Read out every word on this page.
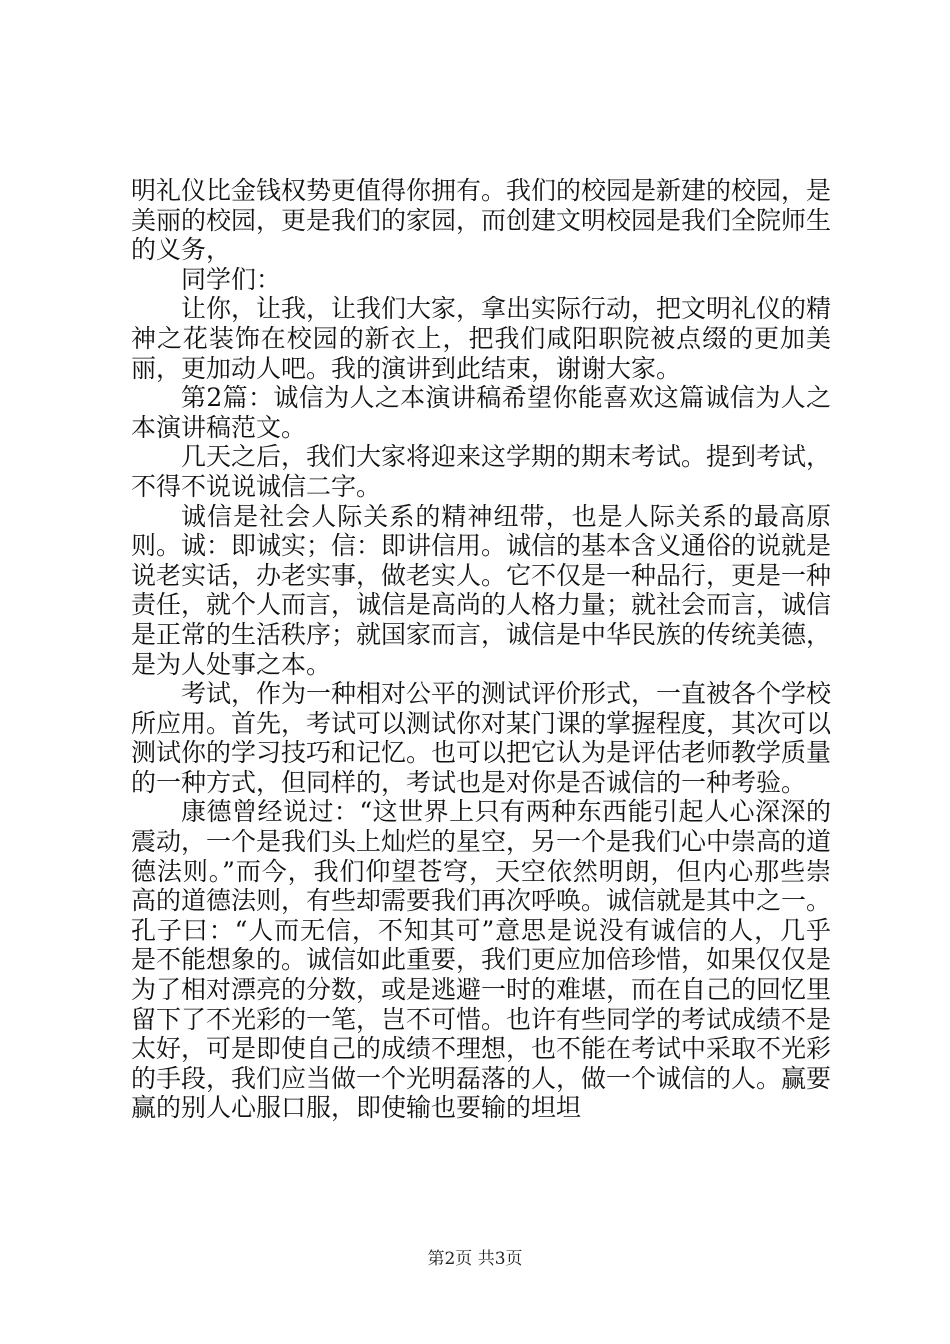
明礼仪比金钱权势更值得你拥有。我们的校园是新建的校园，是美丽的校园，更是我们的家园，而创建文明校园是我们全院师生的义务，

同学们：

让你，让我，让我们大家，拿出实际行动，把文明礼仪的精神之花装饰在校园的新衣上，把我们咸阳职院被点缀的更加美丽，更加动人吧。我的演讲到此结束，谢谢大家。

第2篇：诚信为人之本演讲稿希望你能喜欢这篇诚信为人之本演讲稿范文。

几天之后，我们大家将迎来这学期的期末考试。提到考试，不得不说说诚信二字。

诚信是社会人际关系的精神纽带，也是人际关系的最高原则。诚：即诚实；信：即讲信用。诚信的基本含义通俗的说就是说老实话，办老实事，做老实人。它不仅是一种品行，更是一种责任，就个人而言，诚信是高尚的人格力量；就社会而言，诚信是正常的生活秩序；就国家而言，诚信是中华民族的传统美德，是为人处事之本。

考试，作为一种相对公平的测试评价形式，一直被各个学校所应用。首先，考试可以测试你对某门课的掌握程度，其次可以测试你的学习技巧和记忆。也可以把它认为是评估老师教学质量的一种方式，但同样的，考试也是对你是否诚信的一种考验。

康德曾经说过：“这世界上只有两种东西能引起人心深深的震动，一个是我们头上灿烂的星空，另一个是我们心中崇高的道德法则。”而今，我们仰望苍穹，天空依然明朗，但内心那些崇高的道德法则，有些却需要我们再次呼唤。诚信就是其中之一。孔子曰：“人而无信，不知其可”意思是说没有诚信的人，几乎是不能想象的。诚信如此重要，我们更应加倍珍惜，如果仅仅是为了相对漂亮的分数，或是逃避一时的难堪，而在自己的回忆里留下了不光彩的一笔，岂不可惜。也许有些同学的考试成绩不是太好，可是即使自己的成绩不理想，也不能在考试中采取不光彩的手段，我们应当做一个光明磊落的人，做一个诚信的人。赢要赢的别人心服口服，即使输也要输的坦坦

第2页 共3页
